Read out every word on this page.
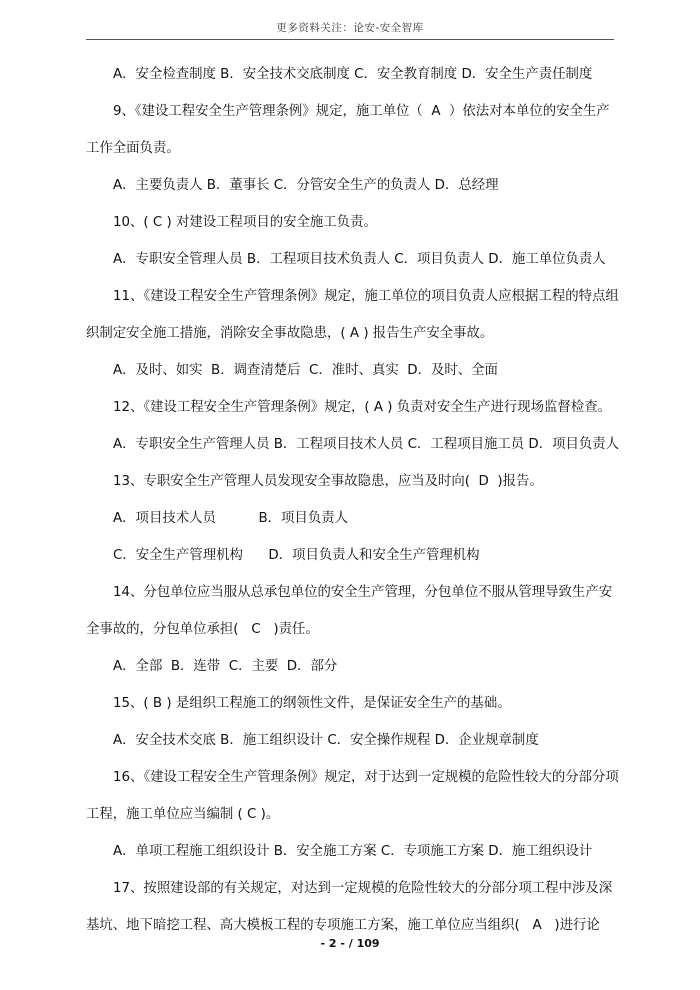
更多资料关注：论安-安全智库

A．安全检查制度 B．安全技术交底制度 C．安全教育制度 D．安全生产责任制度

9、《建设工程安全生产管理条例》规定，施工单位（  A  ）依法对本单位的安全生产

工作全面负责。

A．主要负责人 B．董事长 C．分管安全生产的负责人 D．总经理

10、( C ) 对建设工程项目的安全施工负责。

A．专职安全管理人员 B．工程项目技术负责人 C．项目负责人 D．施工单位负责人

11、《建设工程安全生产管理条例》规定，施工单位的项目负责人应根据工程的特点组

织制定安全施工措施，消除安全事故隐患，( A ) 报告生产安全事故。

A．及时、如实  B．调查清楚后  C．准时、真实  D．及时、全面

12、《建设工程安全生产管理条例》规定，( A ) 负责对安全生产进行现场监督检查。

A．专职安全生产管理人员 B．工程项目技术人员 C．工程项目施工员 D．项目负责人

13、专职安全生产管理人员发现安全事故隐患，应当及时向(  D  )报告。

A．项目技术人员          B．项目负责人

C．安全生产管理机构      D．项目负责人和安全生产管理机构

14、分包单位应当服从总承包单位的安全生产管理，分包单位不服从管理导致生产安

全事故的，分包单位承担(   C   )责任。

A．全部  B．连带  C．主要  D．部分

15、( B ) 是组织工程施工的纲领性文件，是保证安全生产的基础。

A．安全技术交底 B．施工组织设计 C．安全操作规程 D．企业规章制度

16、《建设工程安全生产管理条例》规定，对于达到一定规模的危险性较大的分部分项

工程，施工单位应当编制 ( C )。

A．单项工程施工组织设计 B．安全施工方案 C．专项施工方案 D．施工组织设计

17、按照建设部的有关规定，对达到一定规模的危险性较大的分部分项工程中涉及深

基坑、地下暗挖工程、高大模板工程的专项施工方案，施工单位应当组织(   A   )进行论

- 2 - / 109
